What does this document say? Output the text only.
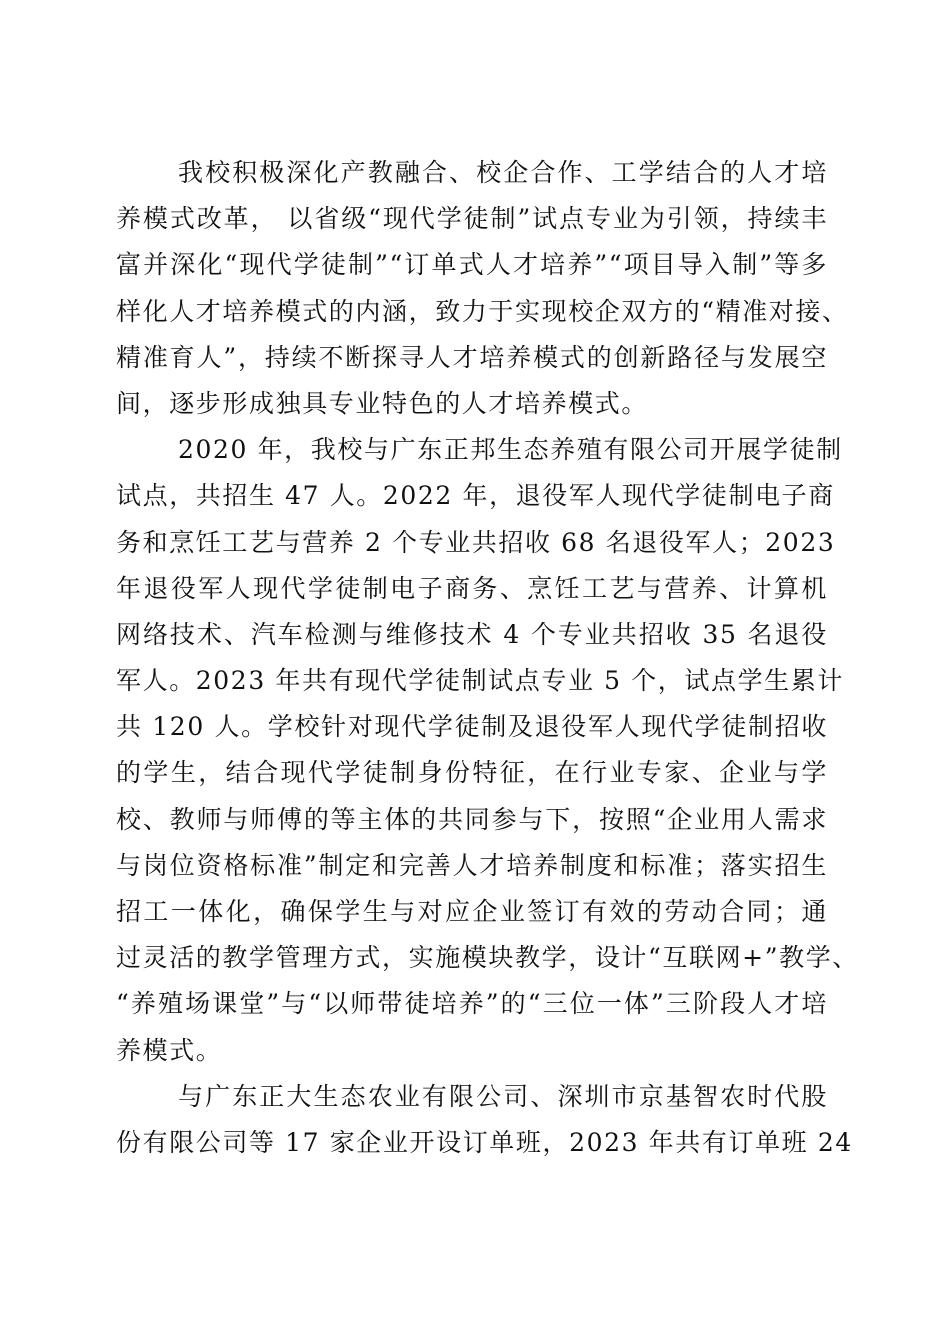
我校积极深化产教融合、校企合作、工学结合的人才培
养模式改革， 以省级“现代学徒制”试点专业为引领，持续丰
富并深化“现代学徒制”“订单式人才培养”“项目导入制”等多
样化人才培养模式的内涵，致力于实现校企双方的“精准对接、
精准育人”，持续不断探寻人才培养模式的创新路径与发展空
间，逐步形成独具专业特色的人才培养模式。
2020 年，我校与广东正邦生态养殖有限公司开展学徒制
试点，共招生 47 人。2022 年，退役军人现代学徒制电子商
务和烹饪工艺与营养 2 个专业共招收 68 名退役军人；2023
年退役军人现代学徒制电子商务、烹饪工艺与营养、计算机
网络技术、汽车检测与维修技术 4 个专业共招收 35 名退役
军人。2023 年共有现代学徒制试点专业 5 个，试点学生累计
共 120 人。学校针对现代学徒制及退役军人现代学徒制招收
的学生，结合现代学徒制身份特征，在行业专家、企业与学
校、教师与师傅的等主体的共同参与下，按照“企业用人需求
与岗位资格标准”制定和完善人才培养制度和标准；落实招生
招工一体化，确保学生与对应企业签订有效的劳动合同；通
过灵活的教学管理方式，实施模块教学，设计“互联网+”教学、
“养殖场课堂”与“以师带徒培养”的“三位一体”三阶段人才培
养模式。
与广东正大生态农业有限公司、深圳市京基智农时代股
份有限公司等 17 家企业开设订单班，2023 年共有订单班 24
